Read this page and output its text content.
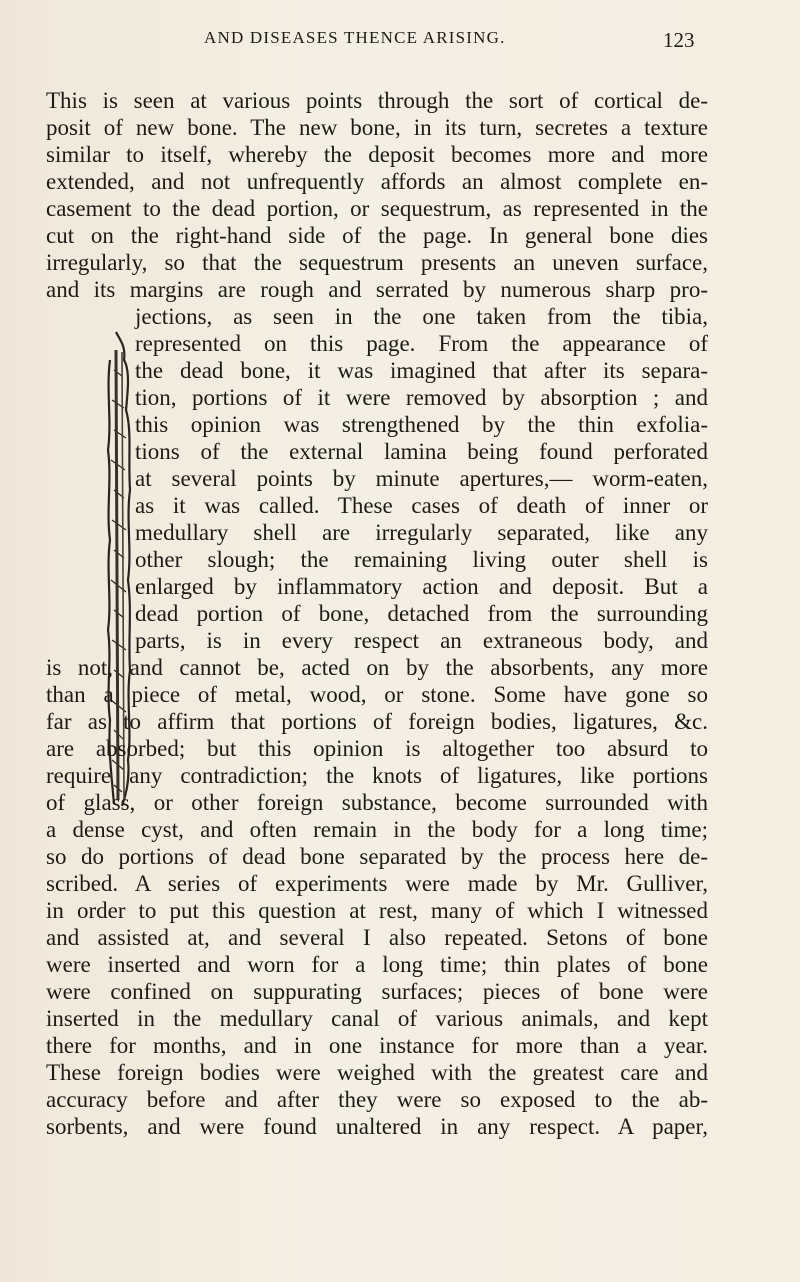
AND DISEASES THENCE ARISING.	123
This is seen at various points through the sort of cortical de-
posit of new bone. The new bone, in its turn, secretes a texture
similar to itself, whereby the deposit becomes more and more
extended, and not unfrequently affords an almost complete en-
casement to the dead portion, or sequestrum, as represented in the
cut on the right-hand side of the page. In general bone dies
irregularly, so that the sequestrum presents an uneven surface,
and its margins are rough and serrated by numerous sharp pro-
jections, as seen in the one taken from the tibia,
represented on this page. From the appearance of
the dead bone, it was imagined that after its separa-
tion, portions of it were removed by absorption ; and
this opinion was strengthened by the thin exfolia-
tions of the external lamina being found perforated
at several points by minute apertures,— worm-eaten,
as it was called. These cases of death of inner or
medullary shell are irregularly separated, like any
other slough; the remaining living outer shell is
enlarged by inflammatory action and deposit. But a
dead portion of bone, detached from the surrounding
parts, is in every respect an extraneous body, and
is not, and cannot be, acted on by the absorbents, any more
than a piece of metal, wood, or stone. Some have gone so
far as to affirm that portions of foreign bodies, ligatures, &c.
are absorbed; but this opinion is altogether too absurd to
require any contradiction; the knots of ligatures, like portions
of glass, or other foreign substance, become surrounded with
a dense cyst, and often remain in the body for a long time;
so do portions of dead bone separated by the process here de-
scribed. A series of experiments were made by Mr. Gulliver,
in order to put this question at rest, many of which I witnessed
and assisted at, and several I also repeated. Setons of bone
were inserted and worn for a long time; thin plates of bone
were confined on suppurating surfaces; pieces of bone were
inserted in the medullary canal of various animals, and kept
there for months, and in one instance for more than a year.
These foreign bodies were weighed with the greatest care and
accuracy before and after they were so exposed to the ab-
sorbents, and were found unaltered in any respect. A paper,
